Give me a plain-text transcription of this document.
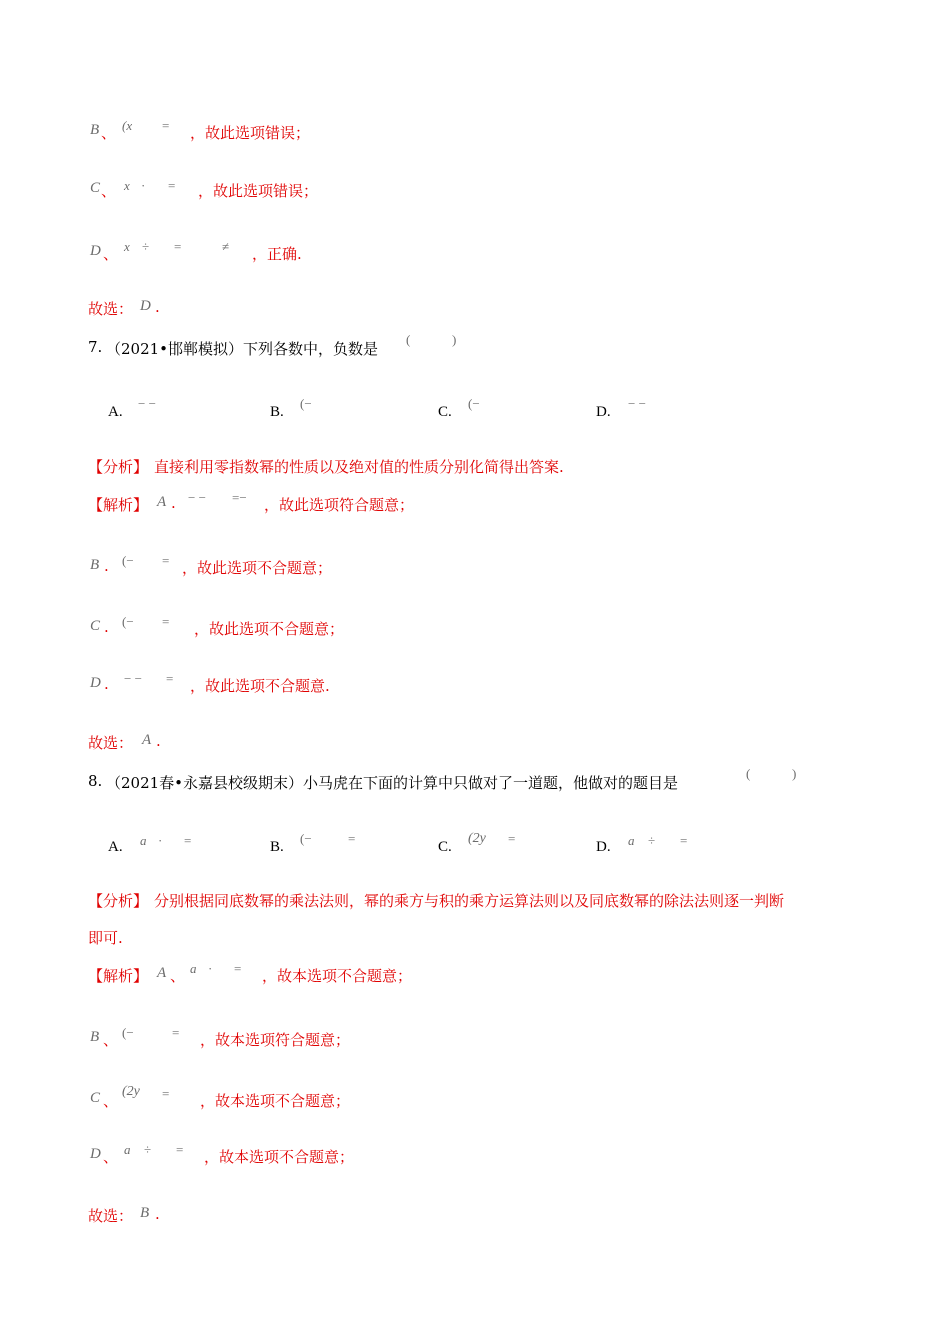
B 、 (x = ，故此选项错误；
C 、 x · = ，故此选项错误；
D 、 x ÷ =	≠ ，正确.
故选： D .
7. （2021•邯郸模拟）下列各数中，负数是
(	)
A.
− −
B.
(−
C.
(−
D.
− −
【分析】 直接利用零指数幂的性质以及绝对值的性质分别化简得出答案.
【解析】 A . − − =− ，故此选项符合题意；
B . (− = ，故此选项不合题意；
C . (− = ，故此选项不合题意；
D . − − = ，故此选项不合题意.
故选： A .
8. （2021春•永嘉县校级期末）小马虎在下面的计算中只做对了一道题，他做对的题目是
(	)
A. a · =	B.
(−	=
C.
(2y =
D. a ÷ =
【分析】 分别根据同底数幂的乘法法则，幂的乘方与积的乘方运算法则以及同底数幂的除法法则逐一判断
即可.
【解析】 A 、 a · = ，故本选项不合题意；
B 、 (−	= ，故本选项符合题意；
C 、
(2y = ，故本选项不合题意；
D 、 a ÷ = ，故本选项不合题意；
故选： B .
